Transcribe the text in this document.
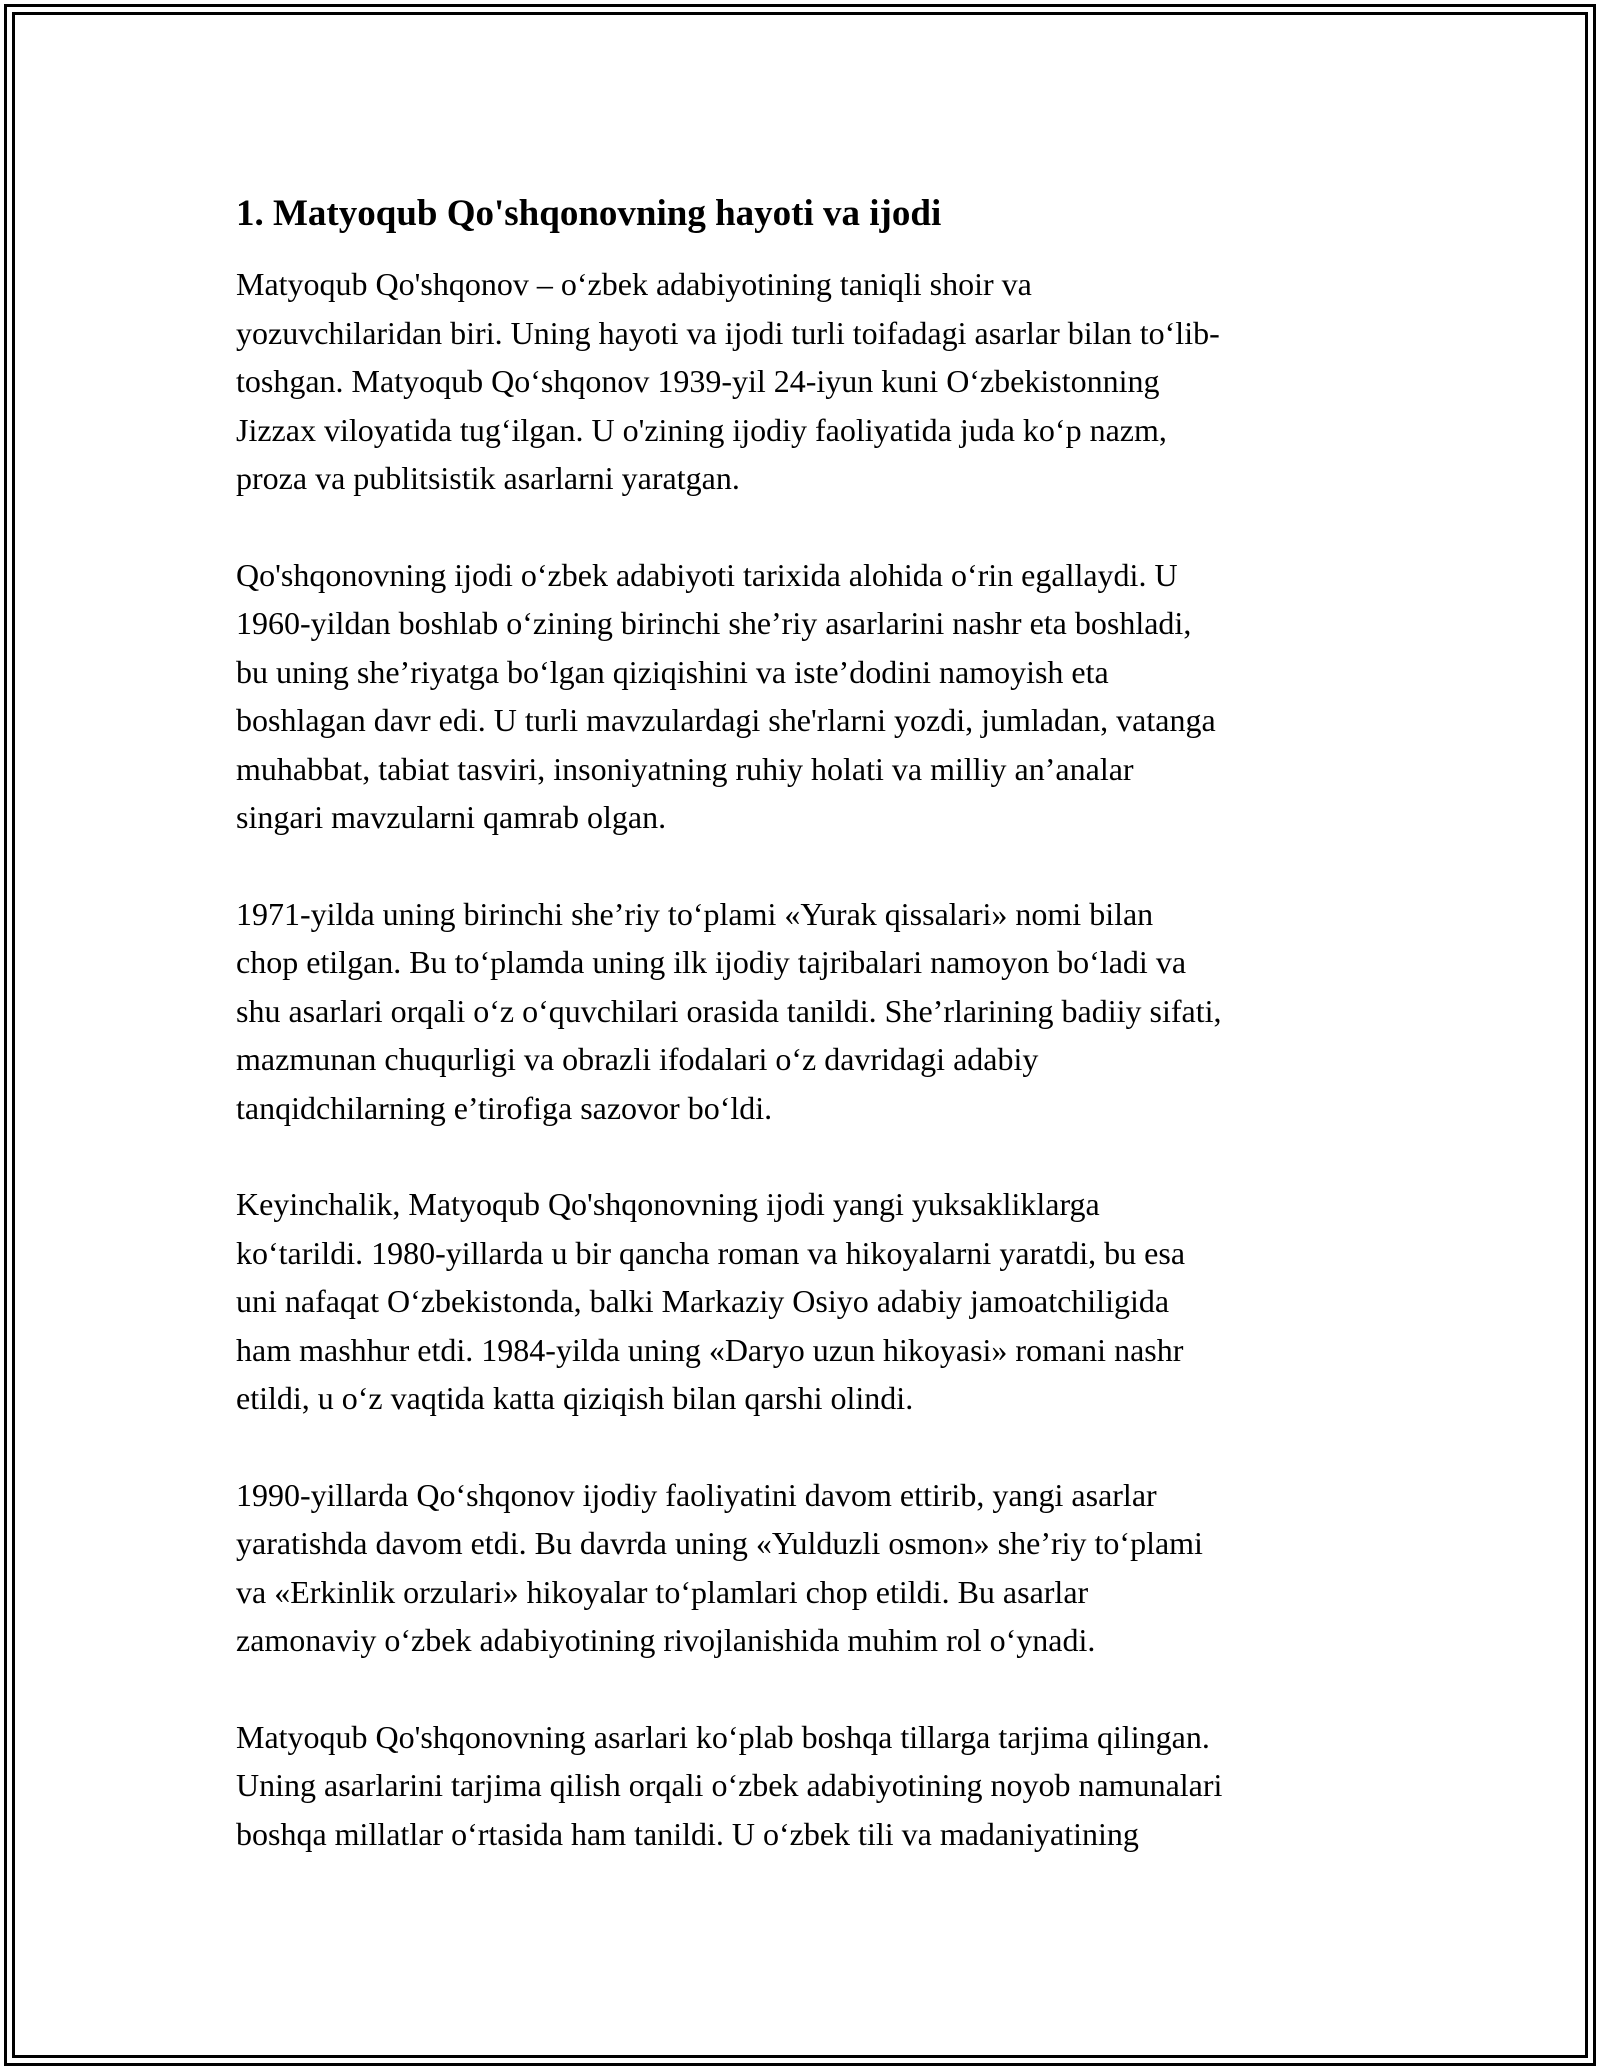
1. Matyoqub Qo'shqonovning hayoti va ijodi

Matyoqub Qo'shqonov – o‘zbek adabiyotining taniqli shoir va
yozuvchilaridan biri. Uning hayoti va ijodi turli toifadagi asarlar bilan to‘lib-
toshgan. Matyoqub Qo‘shqonov 1939-yil 24-iyun kuni O‘zbekistonning
Jizzax viloyatida tug‘ilgan. U o'zining ijodiy faoliyatida juda ko‘p nazm,
proza va publitsistik asarlarni yaratgan.

Qo'shqonovning ijodi o‘zbek adabiyoti tarixida alohida o‘rin egallaydi. U
1960-yildan boshlab o‘zining birinchi she’riy asarlarini nashr eta boshladi,
bu uning she’riyatga bo‘lgan qiziqishini va iste’dodini namoyish eta
boshlagan davr edi. U turli mavzulardagi she'rlarni yozdi, jumladan, vatanga
muhabbat, tabiat tasviri, insoniyatning ruhiy holati va milliy an’analar
singari mavzularni qamrab olgan.

1971-yilda uning birinchi she’riy to‘plami «Yurak qissalari» nomi bilan
chop etilgan. Bu to‘plamda uning ilk ijodiy tajribalari namoyon bo‘ladi va
shu asarlari orqali o‘z o‘quvchilari orasida tanildi. She’rlarining badiiy sifati,
mazmunan chuqurligi va obrazli ifodalari o‘z davridagi adabiy
tanqidchilarning e’tirofiga sazovor bo‘ldi.

Keyinchalik, Matyoqub Qo'shqonovning ijodi yangi yuksakliklarga
ko‘tarildi. 1980-yillarda u bir qancha roman va hikoyalarni yaratdi, bu esa
uni nafaqat O‘zbekistonda, balki Markaziy Osiyo adabiy jamoatchiligida
ham mashhur etdi. 1984-yilda uning «Daryo uzun hikoyasi» romani nashr
etildi, u o‘z vaqtida katta qiziqish bilan qarshi olindi.

1990-yillarda Qo‘shqonov ijodiy faoliyatini davom ettirib, yangi asarlar
yaratishda davom etdi. Bu davrda uning «Yulduzli osmon» she’riy to‘plami
va «Erkinlik orzulari» hikoyalar to‘plamlari chop etildi. Bu asarlar
zamonaviy o‘zbek adabiyotining rivojlanishida muhim rol o‘ynadi.

Matyoqub Qo'shqonovning asarlari ko‘plab boshqa tillarga tarjima qilingan.
Uning asarlarini tarjima qilish orqali o‘zbek adabiyotining noyob namunalari
boshqa millatlar o‘rtasida ham tanildi. U o‘zbek tili va madaniyatining
